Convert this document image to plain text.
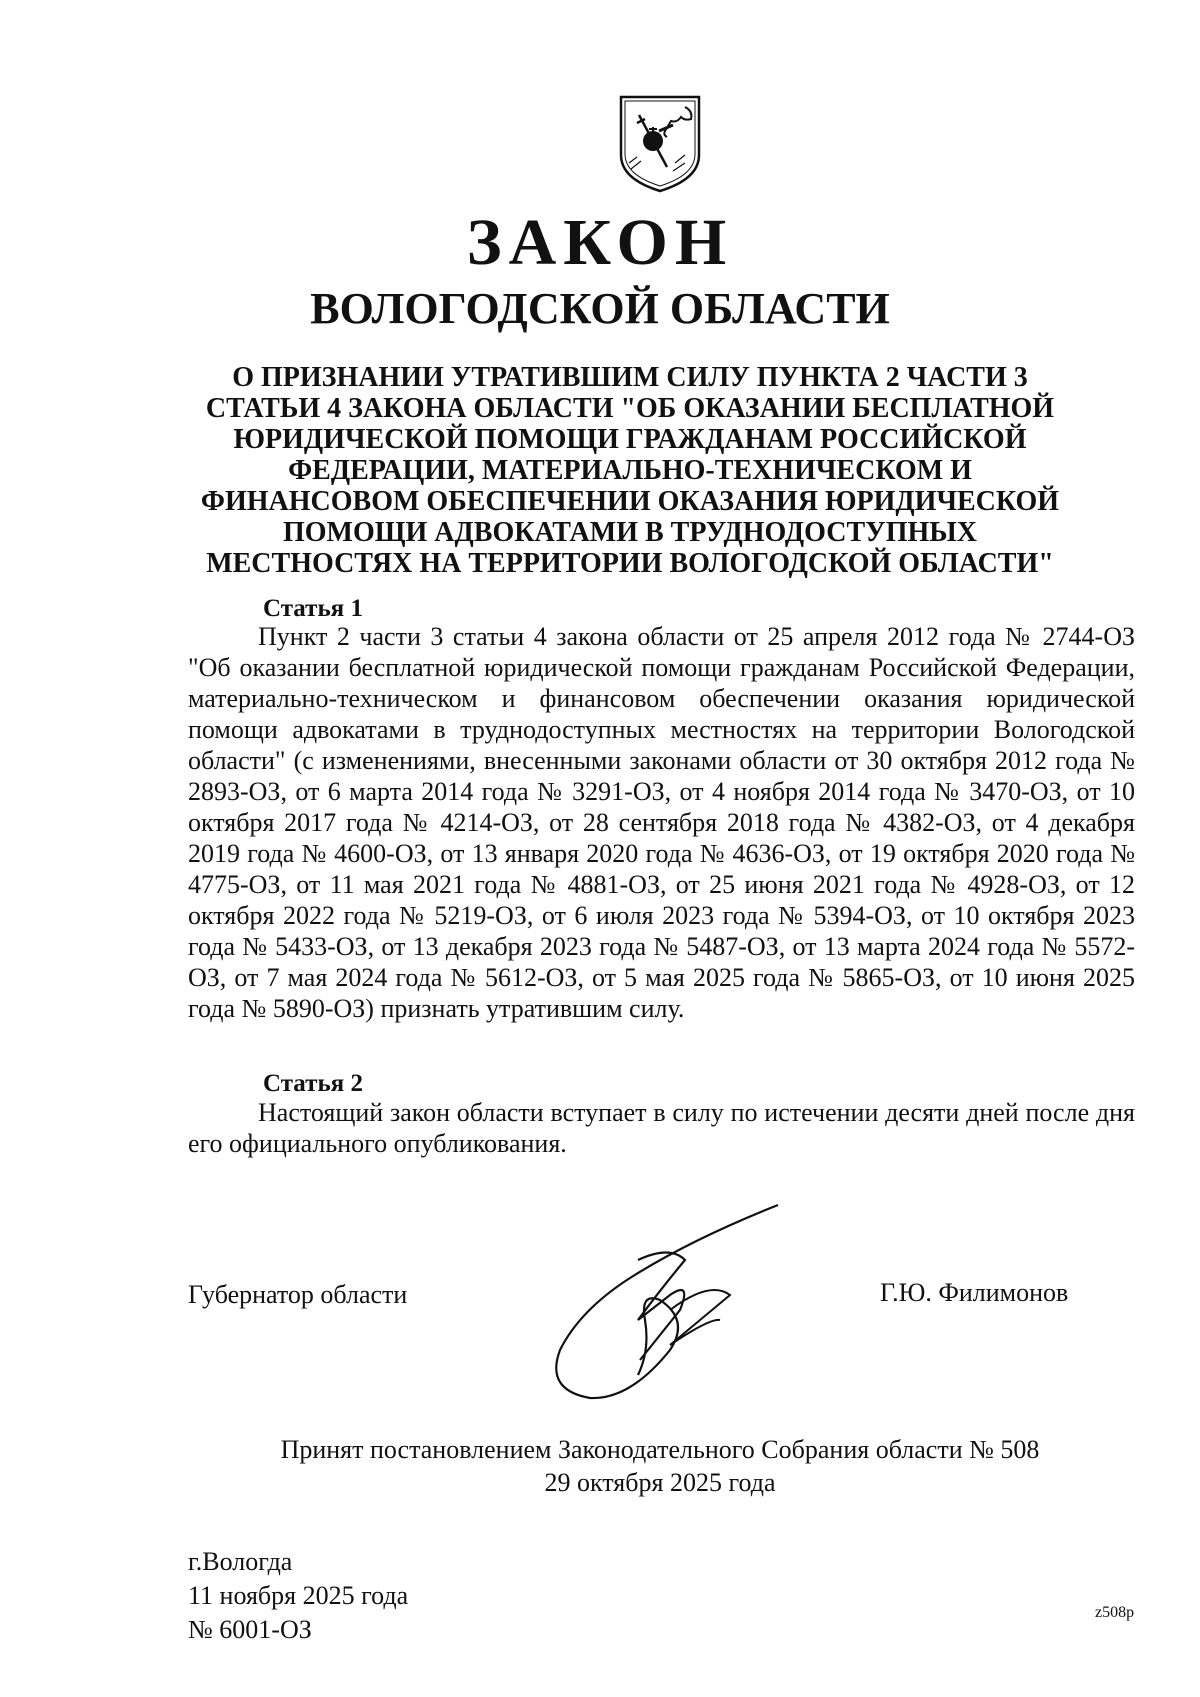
ЗАКОН
ВОЛОГОДСКОЙ ОБЛАСТИ

О ПРИЗНАНИИ УТРАТИВШИМ СИЛУ ПУНКТА 2 ЧАСТИ 3 СТАТЬИ 4 ЗАКОНА ОБЛАСТИ "ОБ ОКАЗАНИИ БЕСПЛАТНОЙ ЮРИДИЧЕСКОЙ ПОМОЩИ ГРАЖДАНАМ РОССИЙСКОЙ ФЕДЕРАЦИИ, МАТЕРИАЛЬНО-ТЕХНИЧЕСКОМ И ФИНАНСОВОМ ОБЕСПЕЧЕНИИ ОКАЗАНИЯ ЮРИДИЧЕСКОЙ ПОМОЩИ АДВОКАТАМИ В ТРУДНОДОСТУПНЫХ МЕСТНОСТЯХ НА ТЕРРИТОРИИ ВОЛОГОДСКОЙ ОБЛАСТИ"

Статья 1

Пункт 2 части 3 статьи 4 закона области от 25 апреля 2012 года № 2744-ОЗ "Об оказании бесплатной юридической помощи гражданам Российской Федерации, материально-техническом и финансовом обеспечении оказания юридической помощи адвокатами в труднодоступных местностях на территории Вологодской области" (с изменениями, внесенными законами области от 30 октября 2012 года № 2893-ОЗ, от 6 марта 2014 года № 3291-ОЗ, от 4 ноября 2014 года № 3470-ОЗ, от 10 октября 2017 года № 4214-ОЗ, от 28 сентября 2018 года № 4382-ОЗ, от 4 декабря 2019 года № 4600-ОЗ, от 13 января 2020 года № 4636-ОЗ, от 19 октября 2020 года № 4775-ОЗ, от 11 мая 2021 года № 4881-ОЗ, от 25 июня 2021 года № 4928-ОЗ, от 12 октября 2022 года № 5219-ОЗ, от 6 июля 2023 года № 5394-ОЗ, от 10 октября 2023 года № 5433-ОЗ, от 13 декабря 2023 года № 5487-ОЗ, от 13 марта 2024 года № 5572-ОЗ, от 7 мая 2024 года № 5612-ОЗ, от 5 мая 2025 года № 5865-ОЗ, от 10 июня 2025 года № 5890-ОЗ) признать утратившим силу.

Статья 2

Настоящий закон области вступает в силу по истечении десяти дней после дня его официального опубликования.

Губернатор области	Г.Ю. Филимонов

Принят постановлением Законодательного Собрания области № 508
29 октября 2025 года
г.Вологда
11 ноября 2025 года
№ 6001-ОЗ

z508p
